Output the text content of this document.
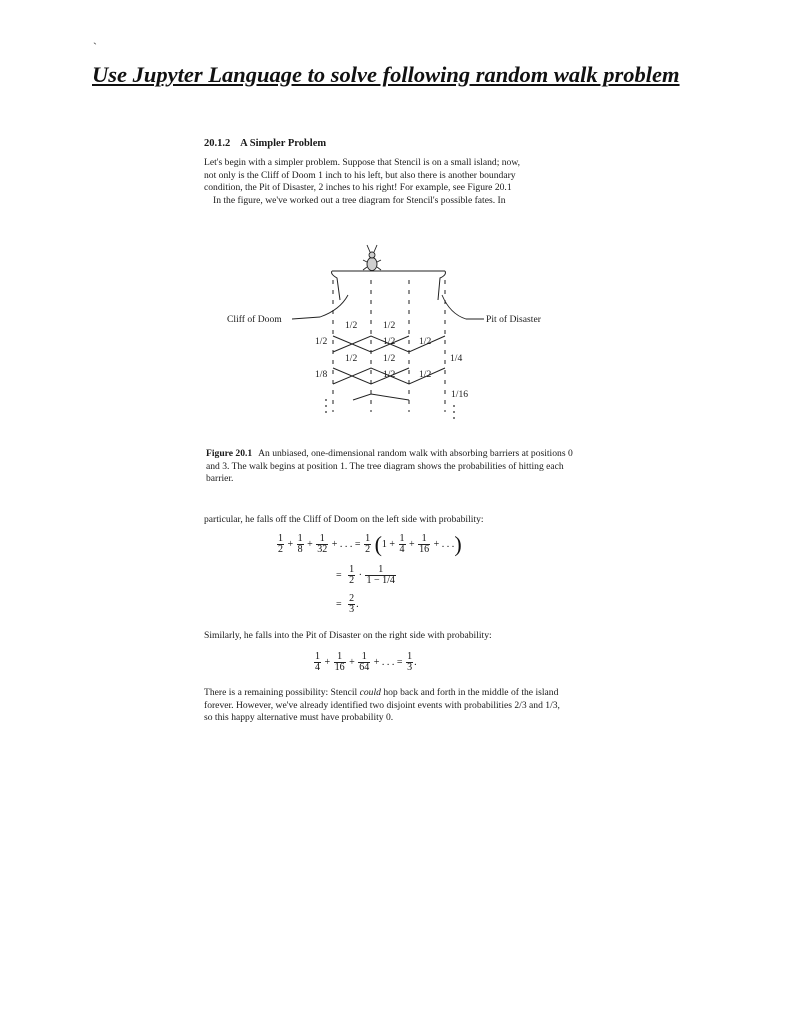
`
Use Jupyter Language to solve following random walk problem
20.1.2 A Simpler Problem
Let's begin with a simpler problem. Suppose that Stencil is on a small island; now,
not only is the Cliff of Doom 1 inch to his left, but also there is another boundary
condition, the Pit of Disaster, 2 inches to his right! For example, see Figure 20.1
In the figure, we've worked out a tree diagram for Stencil's possible fates. In
Cliff of Doom	Pit of Disaster
1/2	1/2
1/2 1/2
1/2	1/2
1/2 1/2
1/2
1/8
1/4
1/16
Figure 20.1 An unbiased, one-dimensional random walk with absorbing barriers at positions 0 and 3. The walk begins at position 1. The tree diagram shows the probabilities of hitting each barrier.
particular, he falls off the Cliff of Doom on the left side with probability:
$\frac{1}{2} + \frac{1}{8} + \frac{1}{32}$ + . . . = $\frac{1}{2} (1 + \frac{1}{4} + \frac{1}{16}$ + . . .)
= $\frac{1}{2} \cdot \frac{1}{1 - 1/4}$
= $\frac{2}{3}$ .
Similarly, he falls into the Pit of Disaster on the right side with probability:
$\frac{1}{4} + \frac{1}{16} + \frac{1}{64}$ + . . . = $\frac{1}{3}$ .
There is a remaining possibility: Stencil could hop back and forth in the middle of the island forever. However, we've already identified two disjoint events with probabilities 2/3 and 1/3, so this happy alternative must have probability 0.
